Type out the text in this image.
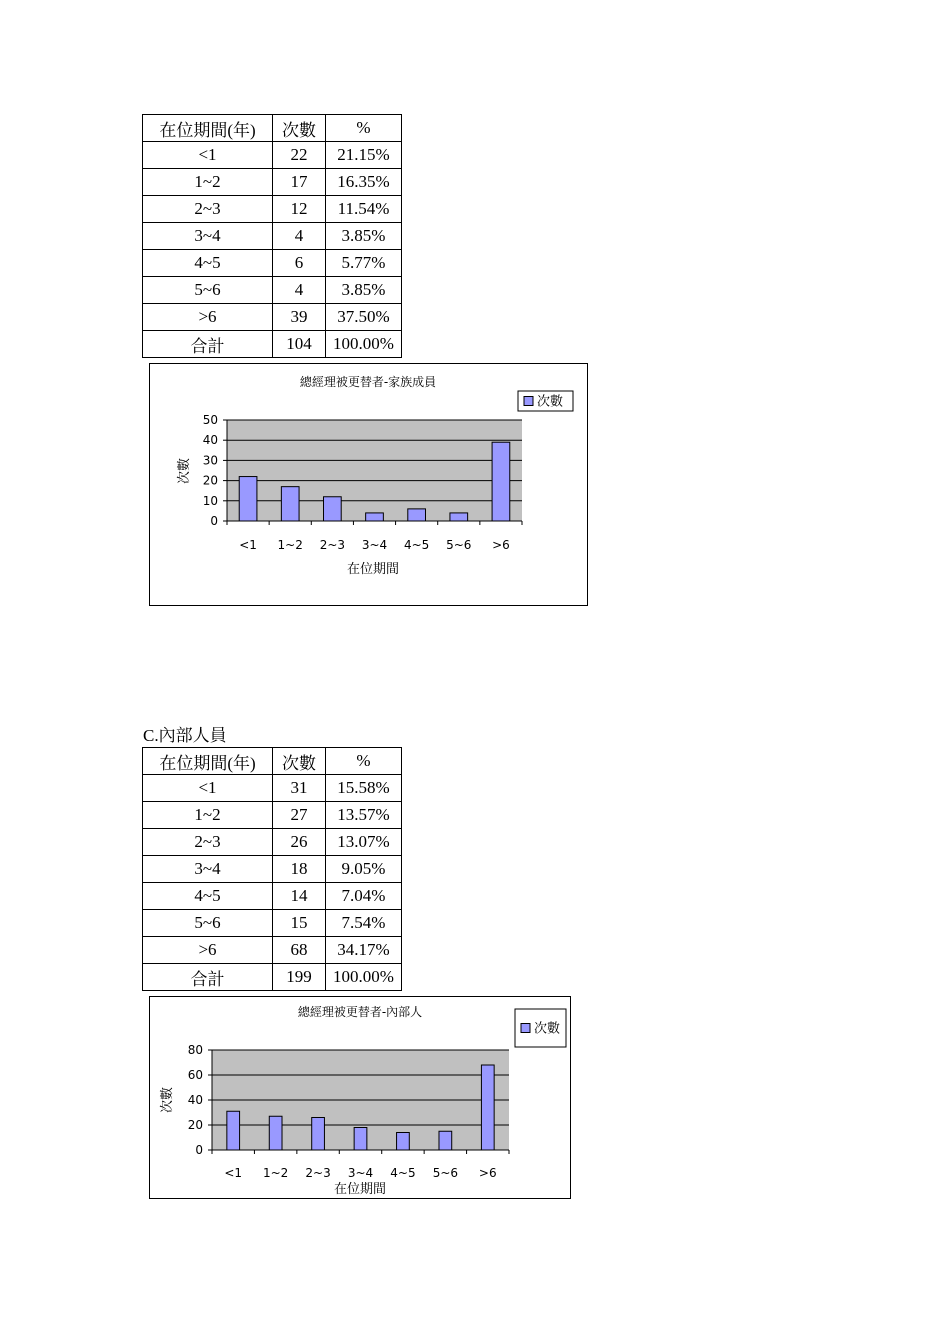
在位期間(年)	次數	%
<1	22	21.15%
1~2	17	16.35%
2~3	12	11.54%
3~4	4	3.85%
4~5	6	5.77%
5~6	4	3.85%
>6	39	37.50%
合計	104	100.00%
總經理被更替者-家族成員
0
10
20
30
40
50
<1 1~2 2~3 3~4 4~5 5~6 >6
在位期間
次數
次數
C.內部人員
在位期間(年)	次數	%
<1	31	15.58%
1~2	27	13.57%
2~3	26	13.07%
3~4	18	9.05%
4~5	14	7.04%
5~6	15	7.54%
>6	68	34.17%
合計	199	100.00%
總經理被更替者-內部人
0
20
40
60
80
<1 1~2 2~3 3~4 4~5 5~6 >6
在位期間
次數
次數
